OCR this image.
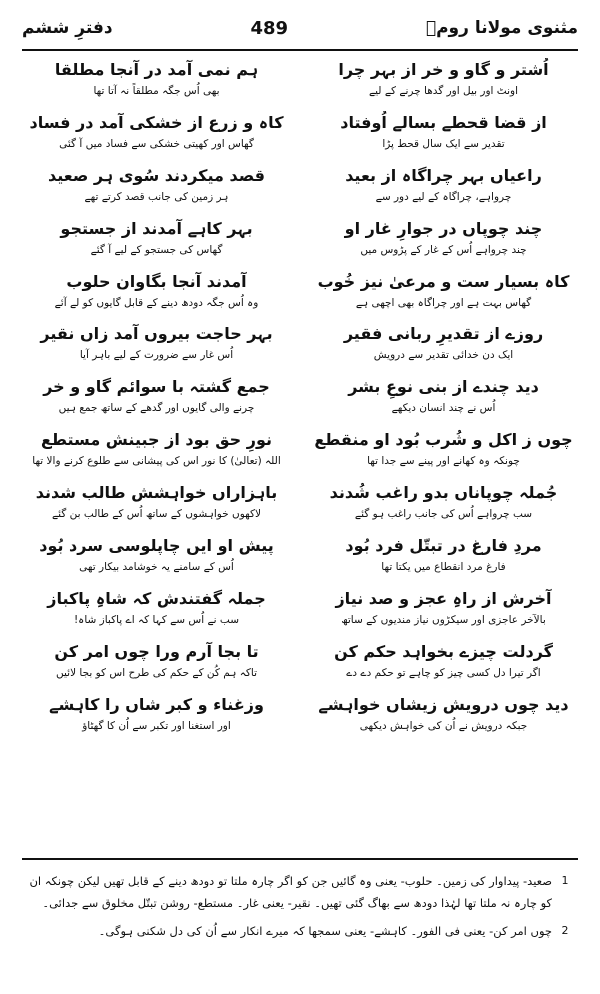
مثنوی مولانا رومؒ
489
دفترِ ششم
اُشتر و گاو و خر از بہر چرا
اونٹ اور بیل اور گدھا چرنے کے لیے
از قضا قحطے بسالے اُوفتاد
تقدیر سے ایک سال قحط پڑا
راعیاں بہر چراگاہ از بعید
چرواہے، چراگاہ کے لیے دور سے
چند چوپاں در جوارِ غار او
چند چرواہے اُس کے غار کے پڑوس میں
کاہ بسیار ست و مرعیٰ نیز خُوب
گھاس بہت ہے اور چراگاہ بھی اچھی ہے
روزے از تقدیرِ ربانی فقیر
ایک دن خدائی تقدیر سے درویش
دید چندے از بنی نوعِ بشر
اُس نے چند انسان دیکھے
چوں ز اکل و شُرب بُود او منقطع
چونکہ وہ کھانے اور پینے سے جدا تھا
جُملہ چوپاناں بدو راغب شُدند
سب چرواہے اُس کی جانب راغب ہو گئے
مردِ فارغ در تبتّل فرد بُود
فارغ مرد انقطاع میں یکتا تھا
آخرش از راہِ عجز و صد نیاز
بالآخر عاجزی اور سیکڑوں نیاز مندیوں کے ساتھ
گردلت چیزے بخواہد حکم کن
اگر تیرا دل کسی چیز کو چاہے تو حکم دے دے
دید چوں درویش زیشاں خواہشے
جبکہ درویش نے اُن کی خواہش دیکھی
ہم نمی آمد در آنجا مطلقا
بھی اُس جگہ مطلقاً نہ آتا تھا
کاہ و زرع از خشکی آمد در فساد
گھاس اور کھیتی خشکی سے فساد میں آ گئی
قصد میکردند سُوی ہر صعید
ہر زمین کی جانب قصد کرتے تھے
بہر کاہے آمدند از جستجو
گھاس کی جستجو کے لیے آ گئے
آمدند آنجا بگاوان حلوب
وہ اُس جگہ دودھ دینے کے قابل گایوں کو لے آئے
بہر حاجت بیروں آمد زاں نقیر
اُس غار سے ضرورت کے لیے باہر آیا
جمع گشتہ با سوائم گاو و خر
چرنے والی گایوں اور گدھے کے ساتھ جمع ہیں
نورِ حق بود از جبینش مستطع
اللہ (تعالیٰ) کا نور اس کی پیشانی سے طلوع کرنے والا تھا
باہزاراں خواہشش طالب شدند
لاکھوں خواہشوں کے ساتھ اُس کے طالب بن گئے
پیش او ایں چاپلوسی سرد بُود
اُس کے سامنے یہ خوشامد بیکار تھی
جملہ گفتندش کہ شاہِ پاکباز
سب نے اُس سے کہا کہ اے پاکباز شاہ!
تا بجا آرم ورا چوں امر کن
تاکہ ہم کُن کے حکم کی طرح اس کو بجا لائیں
وزغناء و کبر شاں را کاہشے
اور استغنا اور تکبر سے اُن کا گھٹاؤ
1
صعید- پیداوار کی زمین۔ حلوب- یعنی وہ گائیں جن کو اگر چارہ ملتا تو دودھ دینے کے قابل تھیں لیکن چونکہ ان کو چارہ نہ ملتا تھا لہٰذا دودھ سے بھاگ گئی تھیں۔ نقیر- یعنی غار۔ مستطع- روشن تبتّل مخلوق سے جدائی۔
2
چوں امر کن- یعنی فی الفور۔ کاہشے- یعنی سمجھا کہ میرے انکار سے اُن کی دل شکنی ہوگی۔
